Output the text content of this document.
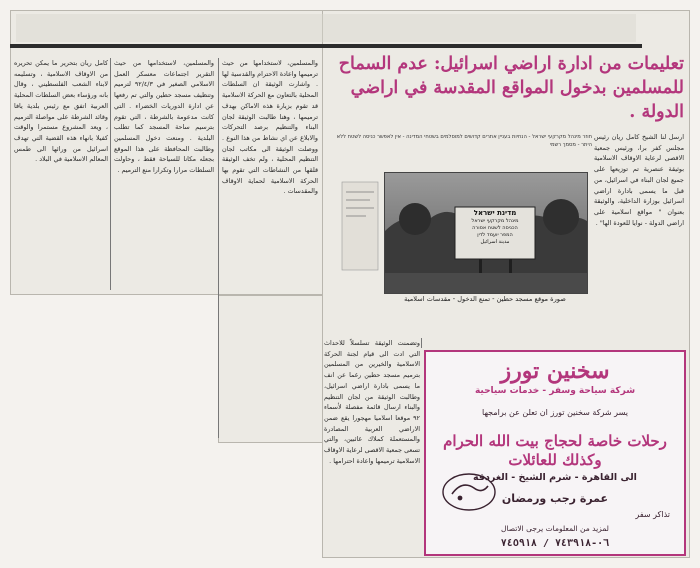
تعليمات من ادارة اراضي اسرائيل: عدم السماح للمسلمين بدخول المواقع المقدسة في اراضي الدولة .
חוזר מינהל מקרקעי ישראל - הנחיות בעניין אתרים קדושים למוסלמים בשטחי המדינה - אין לאפשר כניסה לשטח ללא היתר - מסמך רשמי
מדינת ישראל
מינהל מקרקעי ישראל
הכניסה לשטח אסורה
המפר יועמד לדין
مدينة اسرائيل
صورة موقع مسجد حطين - تمنع الدخول - مقدسات اسلامية

ارسل لنا الشيخ كامل ريان رئيس مجلس كفر برا، ورئيس جمعية الاقصى لرعاية الاوقاف الاسلامية بوثيقة عنصرية تم توزيعها على جميع لجان البناء في اسرائيل، من قبل ما يسمى بادارة اراضي اسرائيل بوزارة الداخلية، والوثيقة بعنوان " مواقع اسلامية على اراضي الدولة - نوايا للعودة الها" .

وتضمنت الوثيقة تسلسلاً للاحداث التي ادت الى قيام لجنة الحركة الاسلامية والخيرين من المسلمين بترميم مسجد حطين رغما عن انف ما يسمى بادارة اراضي اسرائيل، وطالبت الوثيقة من لجان التنظيم والبناء ارسال قائمة مفصلة لأسماء ٩٢ موقعا اسلاميا مهجورا يقع ضمن الاراضي العربية المصادرة والمستعملة كملاك غائبين، والتي تسعى جمعية الاقصى لرعاية الاوقاف الاسلامية ترميمها واعادة احترامها .

والمسلمين، لاستخدامها من حيث ترميمها واعادة الاحترام والقدسية لها . واشارت الوثيقة ان السلطات المحلية بالتعاون مع الحركة الاسلامية قد تقوم بزيارة هذه الاماكن بهدف ترميمها ، وهنا طالبت الوثيقة لجان البناء والتنظيم برصد التحركات والابلاغ عن اي نشاط من هذا النوع . ووصلت الوثيقة الى مكاتب لجان التنظيم المحلية ، ولم تخف الوثيقة قلقها من النشاطات التي تقوم بها الحركة الاسلامية لحماية الاوقاف والمقدسات .

والمسلمين، لاستخدامها من حيث التقرير اجتماعات معسكر العمل الاسلامي الصغير في ٩٢/٤/٣ لترميم وتنظيف مسجد حطين والتي تم رفعها عن ادارة الدوريات الخضراء . التي كانت مدعومة بالشرطة ، التي تقوم بترسيم ساحة المسجد كما تطلب البلدية . ومنعت دخول المسلمين وطالبت المحافظة على هذا الموقع بجعله مكانا للسياحة فقط ، وحاولت السلطات مرارا وتكرارا منع الترميم .

كامل ريان بتحرير ما يمكن تحريره من الاوقاف الاسلامية ، وتسليمه لابناء الشعب الفلسطيني ، وقال بانه ورؤساء بعض السلطات المحلية العربية اتفق مع رئيس بلدية يافا وقائد الشرطة على مواصلة الترميم ، ويعد المشروع مستمرا والوقت كفيلا بانهاء هذه القضية التي تهدف اسرائيل من ورائها الى طمس المعالم الاسلامية في البلاد .

سخنين تورز
شركة سياحة وسفر - خدمات سياحية
يسر شركة سخنين تورز ان تعلن عن برامجها
رحلات خاصة لحجاج بيت الله الحرام وكذلك للعائلات
الى القاهرة - شرم الشيخ - الغردقة
عمرة رجب ورمضان
تذاكر سفر
لمزيد من المعلومات يرجى الاتصال
٠٦-٧٤٣٩١٨ / ٧٤٥٩١٨
